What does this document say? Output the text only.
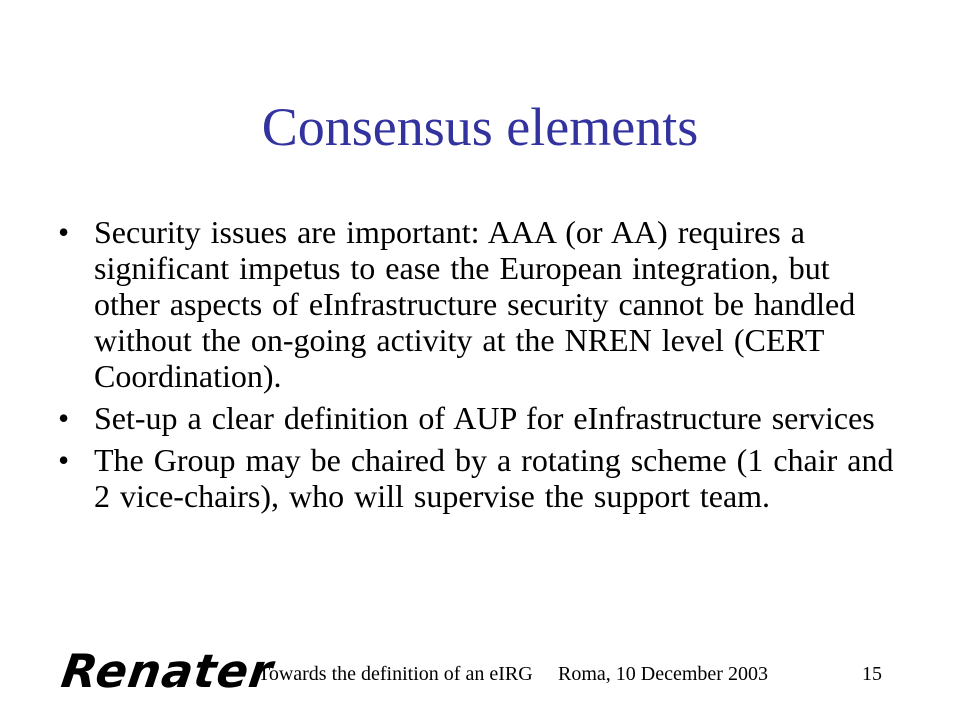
Consensus elements
• Security issues are important: AAA (or AA) requires a significant impetus to ease the European integration, but other aspects of eInfrastructure security cannot be handled without the on-going activity at the NREN level (CERT Coordination).
• Set-up a clear definition of AUP for eInfrastructure services
• The Group may be chaired by a rotating scheme (1 chair and 2 vice-chairs), who will supervise the support team.
Renater
Towards the definition of an eIRG Roma, 10 December 2003	15
